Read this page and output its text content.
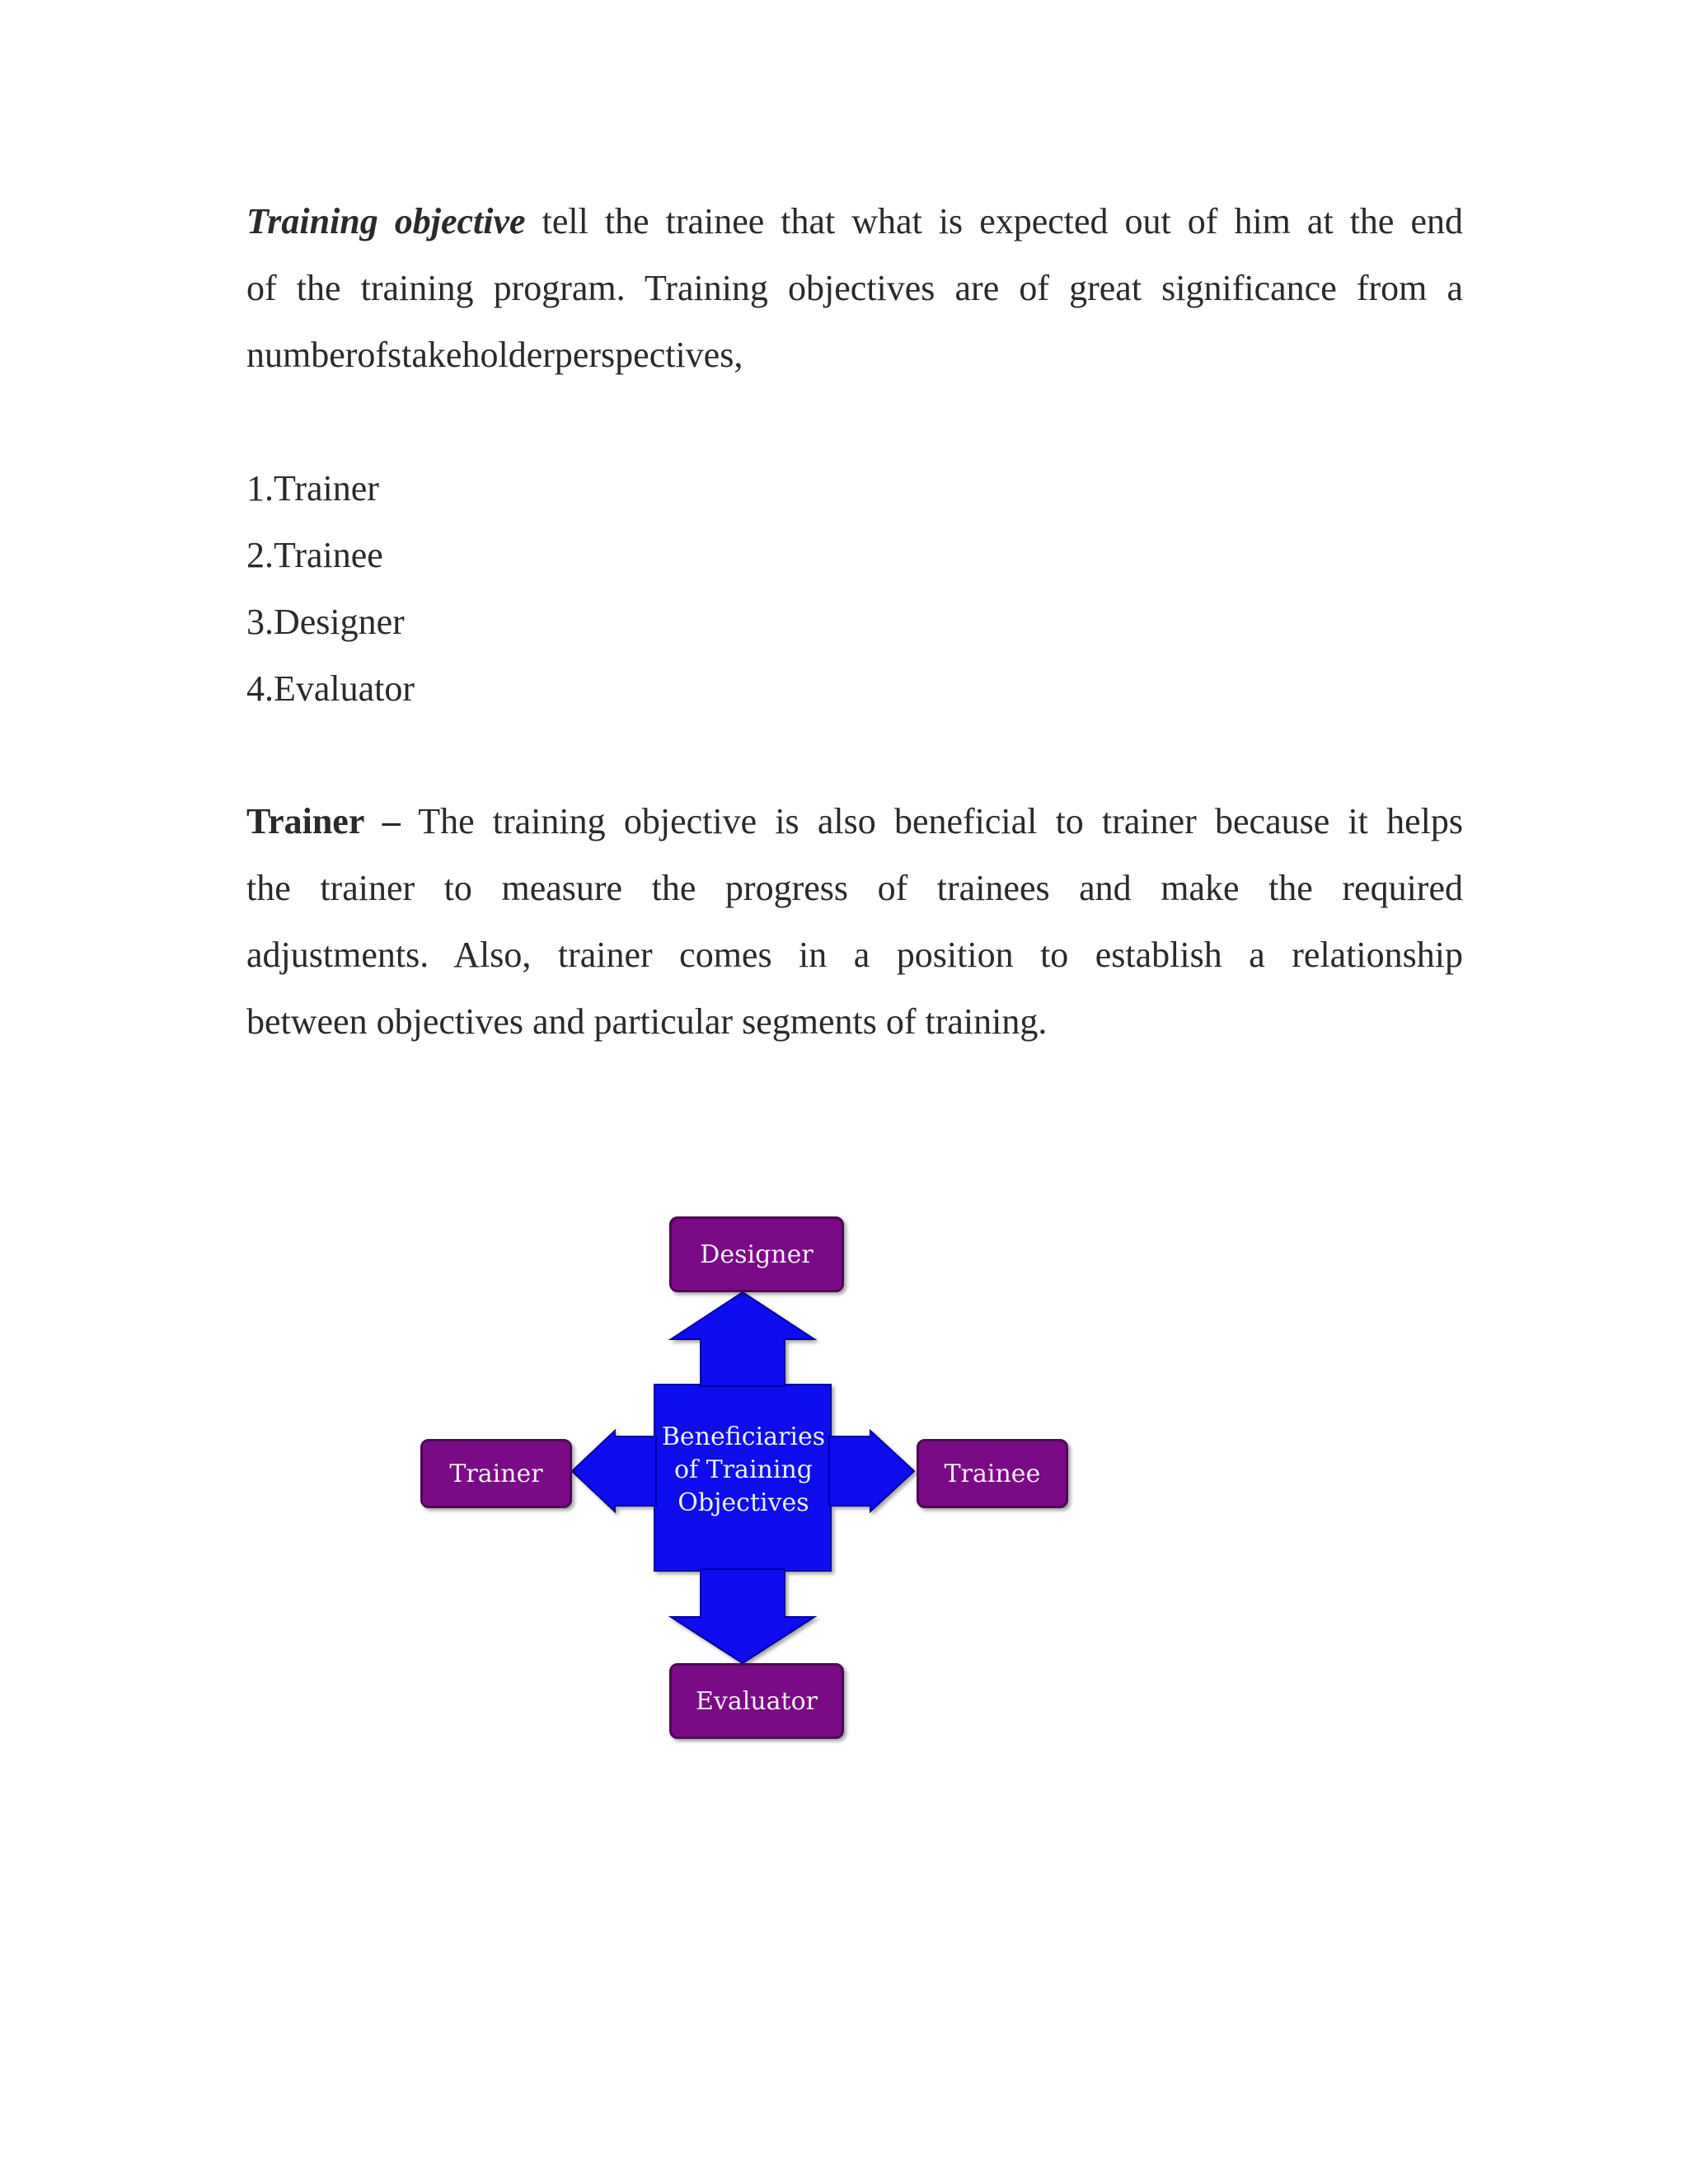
Training objective tell the trainee that what is expected out of him at the end
of the training program. Training objectives are of great significance from a
numberofstakeholderperspectives,
1.Trainer
2.Trainee
3.Designer
4.Evaluator
Trainer – The training objective is also beneficial to trainer because it helps
the trainer to measure the progress of trainees and make the required
adjustments. Also, trainer comes in a position to establish a relationship
between objectives and particular segments of training.
Beneficiaries
of Training
Objectives
Designer
Trainer	Trainee
Evaluator
